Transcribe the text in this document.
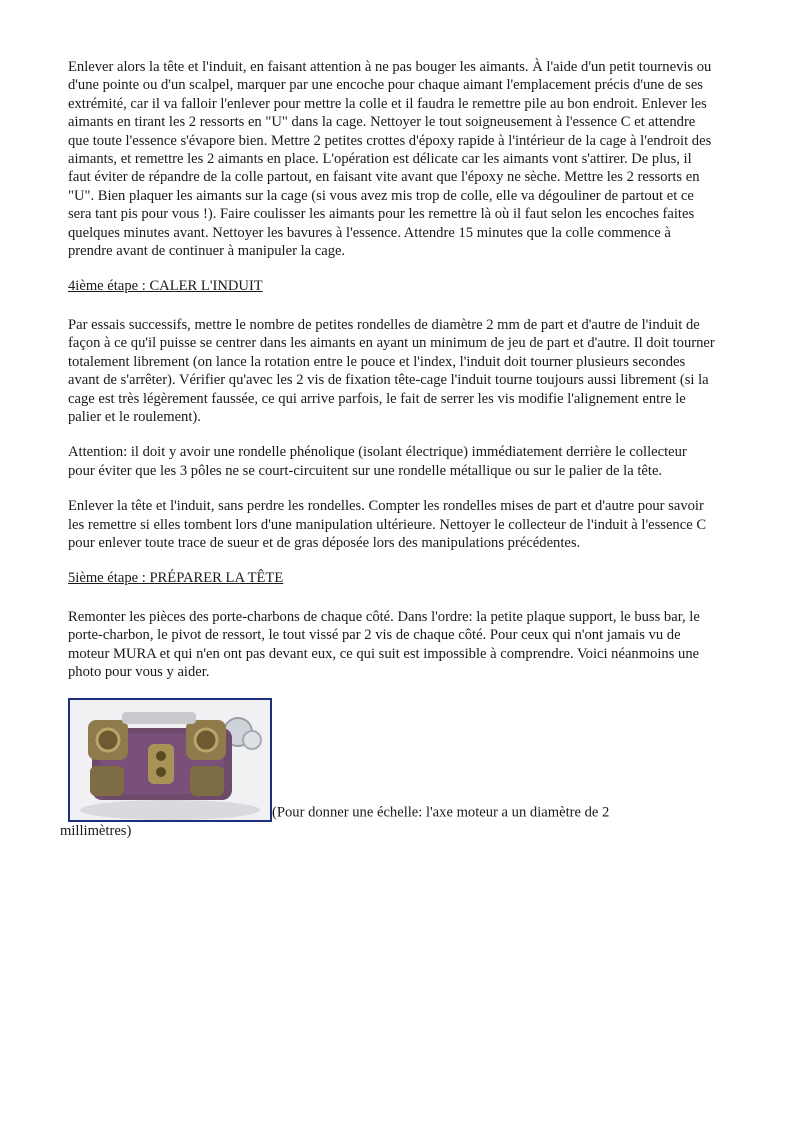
Enlever alors la tête et l'induit, en faisant attention à ne pas bouger les aimants. À l'aide d'un petit tournevis ou d'une pointe ou d'un scalpel, marquer par une encoche pour chaque aimant l'emplacement précis d'une de ses extrémité, car il va falloir l'enlever pour mettre la colle et il faudra le remettre pile au bon endroit. Enlever les aimants en tirant les 2 ressorts en "U" dans la cage. Nettoyer le tout soigneusement à l'essence C et attendre que toute l'essence s'évapore bien. Mettre 2 petites crottes d'époxy rapide à l'intérieur de la cage à l'endroit des aimants, et remettre les 2 aimants en place. L'opération est délicate car les aimants vont s'attirer. De plus, il faut éviter de répandre de la colle partout, en faisant vite avant que l'époxy ne sèche. Mettre les 2 ressorts en "U". Bien plaquer les aimants sur la cage (si vous avez mis trop de colle, elle va dégouliner de partout et ce sera tant pis pour vous !). Faire coulisser les aimants pour les remettre là où il faut selon les encoches faites quelques minutes avant. Nettoyer les bavures à l'essence. Attendre 15 minutes que la colle commence à prendre avant de continuer à manipuler la cage.

4ième étape : CALER L'INDUIT

Par essais successifs, mettre le nombre de petites rondelles de diamètre 2 mm de part et d'autre de l'induit de façon à ce qu'il puisse se centrer dans les aimants en ayant un minimum de jeu de part et d'autre. Il doit tourner totalement librement (on lance la rotation entre le pouce et l'index, l'induit doit tourner plusieurs secondes avant de s'arrêter). Vérifier qu'avec les 2 vis de fixation tête-cage l'induit tourne toujours aussi librement (si la cage est très légèrement faussée, ce qui arrive parfois, le fait de serrer les vis modifie l'alignement entre le palier et le roulement).

Attention: il doit y avoir une rondelle phénolique (isolant électrique) immédiatement derrière le collecteur pour éviter que les 3 pôles ne se court-circuitent sur une rondelle métallique ou sur le palier de la tête.

Enlever la tête et l'induit, sans perdre les rondelles. Compter les rondelles mises de part et d'autre pour savoir les remettre si elles tombent lors d'une manipulation ultérieure. Nettoyer le collecteur de l'induit à l'essence C pour enlever toute trace de sueur et de gras déposée lors des manipulations précédentes.

5ième étape : PRÉPARER LA TÊTE

Remonter les pièces des porte-charbons de chaque côté. Dans l'ordre: la petite plaque support, le buss bar, le porte-charbon, le pivot de ressort, le tout vissé par 2 vis de chaque côté. Pour ceux qui n'ont jamais vu de moteur MURA et qui n'en ont pas devant eux, ce qui suit est impossible à comprendre. Voici néanmoins une photo pour vous y aider.

(Pour donner une échelle: l'axe moteur a un diamètre de 2
millimètres)
